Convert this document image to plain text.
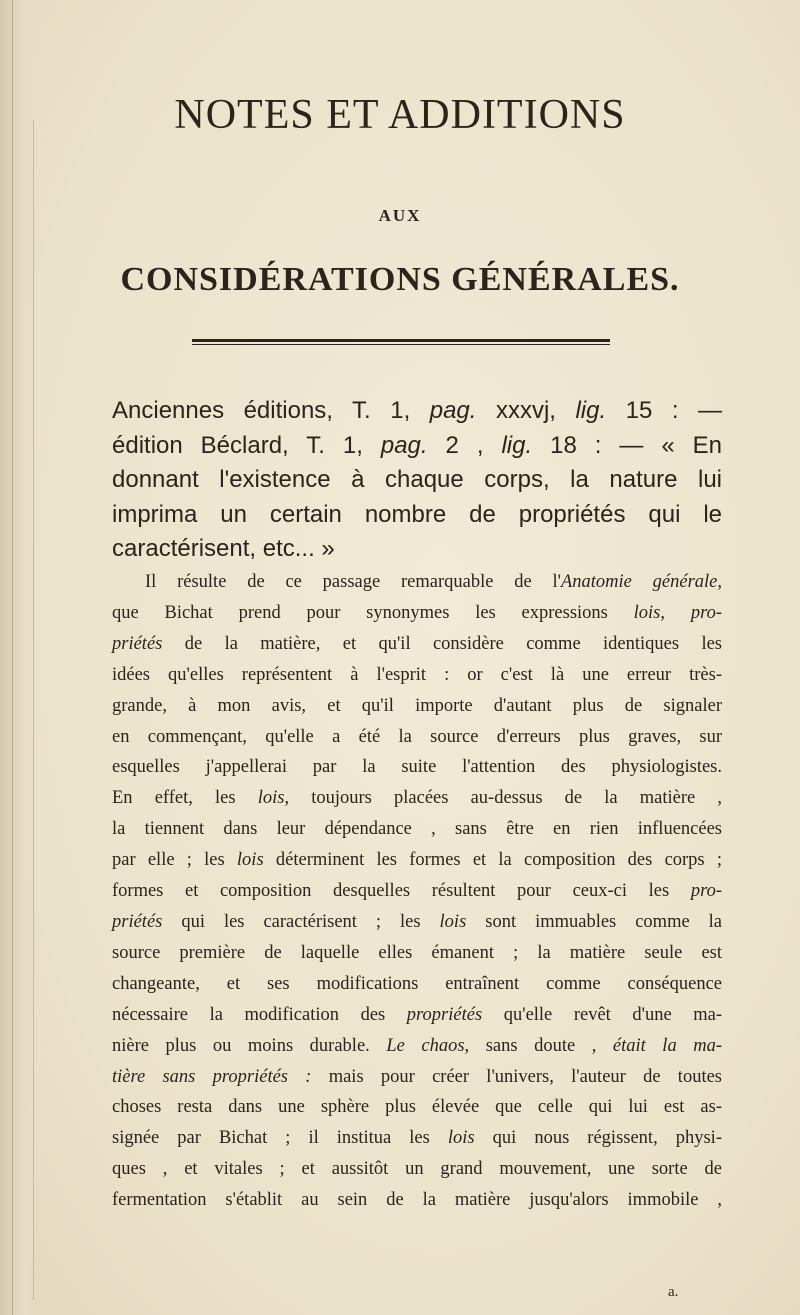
NOTES ET ADDITIONS
AUX
CONSIDÉRATIONS GÉNÉRALES.
Anciennes éditions, T. 1, pag. xxxvj, lig. 15 : —
édition Béclard, T. 1, pag. 2 , lig. 18 : — « En
donnant l'existence à chaque corps, la nature lui
imprima un certain nombre de propriétés qui le
caractérisent, etc... »
Il résulte de ce passage remarquable de l'Anatomie générale,
que Bichat prend pour synonymes les expressions lois, pro-
priétés de la matière, et qu'il considère comme identiques les
idées qu'elles représentent à l'esprit : or c'est là une erreur très-
grande, à mon avis, et qu'il importe d'autant plus de signaler
en commençant, qu'elle a été la source d'erreurs plus graves, sur
esquelles j'appellerai par la suite l'attention des physiologistes.
En effet, les lois, toujours placées au-dessus de la matière ,
la tiennent dans leur dépendance , sans être en rien influencées
par elle ; les lois déterminent les formes et la composition des corps ;
formes et composition desquelles résultent pour ceux-ci les pro-
priétés qui les caractérisent ; les lois sont immuables comme la
source première de laquelle elles émanent ; la matière seule est
changeante, et ses modifications entraînent comme conséquence
nécessaire la modification des propriétés qu'elle revêt d'une ma-
nière plus ou moins durable. Le chaos, sans doute , était la ma-
tière sans propriétés : mais pour créer l'univers, l'auteur de toutes
choses resta dans une sphère plus élevée que celle qui lui est as-
signée par Bichat ; il institua les lois qui nous régissent, physi-
ques , et vitales ; et aussitôt un grand mouvement, une sorte de
fermentation s'établit au sein de la matière jusqu'alors immobile ,
a.
